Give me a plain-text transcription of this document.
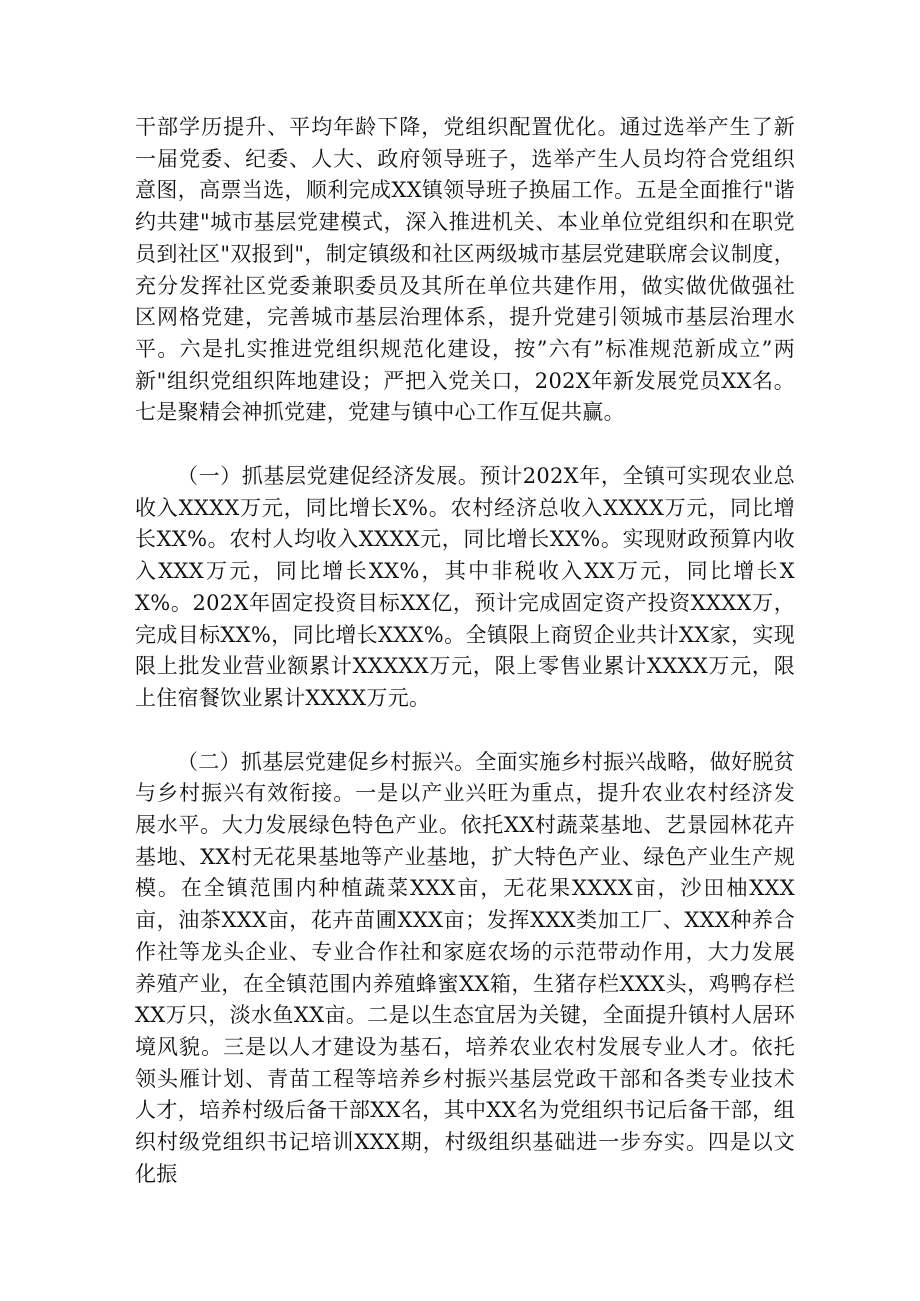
干部学历提升、平均年龄下降，党组织配置优化。通过选举产生了新一届党委、纪委、人大、政府领导班子，选举产生人员均符合党组织意图，高票当选，顺利完成XX镇领导班子换届工作。五是全面推行"谐约共建"城市基层党建模式，深入推进机关、本业单位党组织和在职党员到社区"双报到"，制定镇级和社区两级城市基层党建联席会议制度，充分发挥社区党委兼职委员及其所在单位共建作用，做实做优做强社区网格党建，完善城市基层治理体系，提升党建引领城市基层治理水平。六是扎实推进党组织规范化建设，按”六有”标准规范新成立”两新"组织党组织阵地建设；严把入党关口，202X年新发展党员XX名。七是聚精会神抓党建，党建与镇中心工作互促共赢。

（一）抓基层党建促经济发展。预计202X年，全镇可实现农业总收入XXXX万元，同比增长X%。农村经济总收入XXXX万元，同比增长XX%。农村人均收入XXXX元，同比增长XX%。实现财政预算内收入XXX万元，同比增长XX%，其中非税收入XX万元，同比增长XX%。202X年固定投资目标XX亿，预计完成固定资产投资XXXX万，完成目标XX%，同比增长XXX%。全镇限上商贸企业共计XX家，实现限上批发业营业额累计XXXXX万元，限上零售业累计XXXX万元，限上住宿餐饮业累计XXXX万元。

（二）抓基层党建促乡村振兴。全面实施乡村振兴战略，做好脱贫与乡村振兴有效衔接。一是以产业兴旺为重点，提升农业农村经济发展水平。大力发展绿色特色产业。依托XX村蔬菜基地、艺景园林花卉基地、XX村无花果基地等产业基地，扩大特色产业、绿色产业生产规模。在全镇范围内种植蔬菜XXX亩，无花果XXXX亩，沙田柚XXX亩，油茶XXX亩，花卉苗圃XXX亩；发挥XXX类加工厂、XXX种养合作社等龙头企业、专业合作社和家庭农场的示范带动作用，大力发展养殖产业，在全镇范围内养殖蜂蜜XX箱，生猪存栏XXX头，鸡鸭存栏XX万只，淡水鱼XX亩。二是以生态宜居为关键，全面提升镇村人居环境风貌。三是以人才建设为基石，培养农业农村发展专业人才。依托领头雁计划、青苗工程等培养乡村振兴基层党政干部和各类专业技术人才，培养村级后备干部XX名，其中XX名为党组织书记后备干部，组织村级党组织书记培训XXX期，村级组织基础进一步夯实。四是以文化振
